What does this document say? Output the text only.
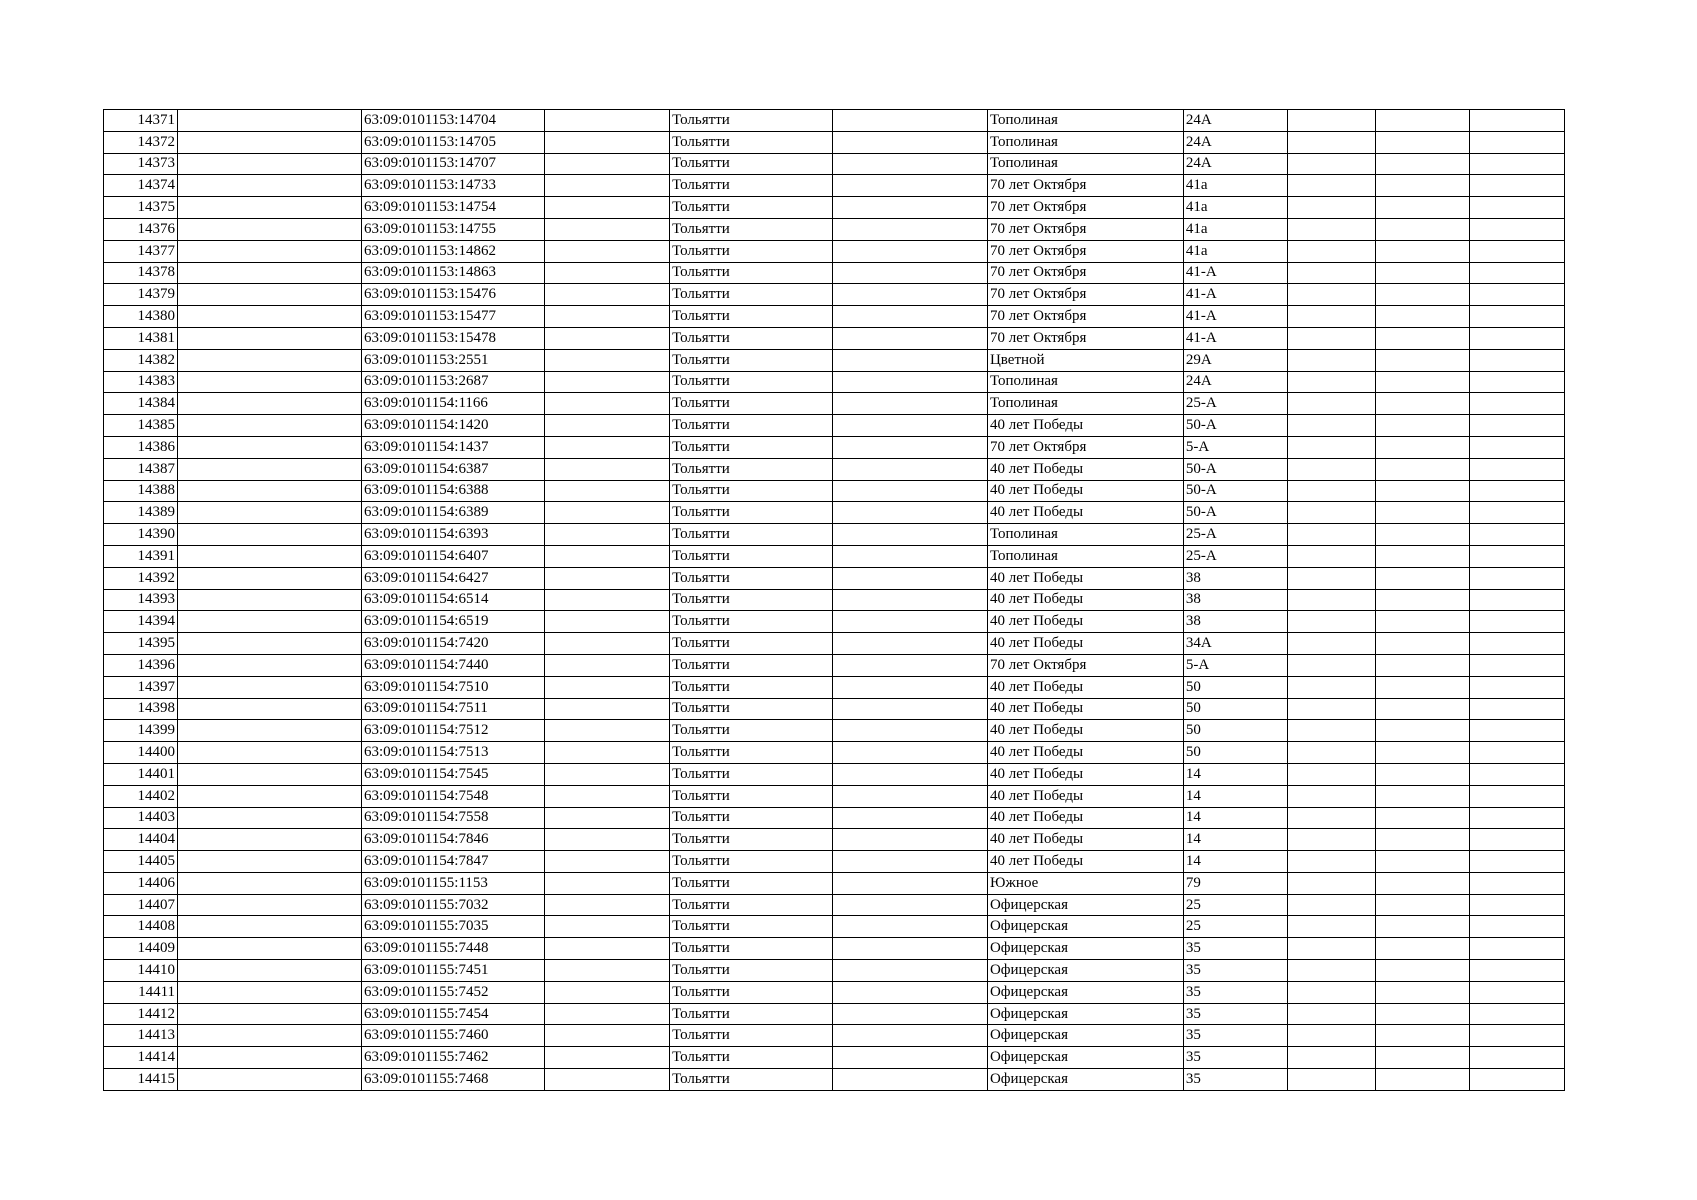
14371		63:09:0101153:14704		Тольятти		Тополиная	24А			
14372		63:09:0101153:14705		Тольятти		Тополиная	24А			
14373		63:09:0101153:14707		Тольятти		Тополиная	24А			
14374		63:09:0101153:14733		Тольятти		70 лет Октября	41а			
14375		63:09:0101153:14754		Тольятти		70 лет Октября	41а			
14376		63:09:0101153:14755		Тольятти		70 лет Октября	41а			
14377		63:09:0101153:14862		Тольятти		70 лет Октября	41а			
14378		63:09:0101153:14863		Тольятти		70 лет Октября	41-А			
14379		63:09:0101153:15476		Тольятти		70 лет Октября	41-А			
14380		63:09:0101153:15477		Тольятти		70 лет Октября	41-А			
14381		63:09:0101153:15478		Тольятти		70 лет Октября	41-А			
14382		63:09:0101153:2551		Тольятти		Цветной	29А			
14383		63:09:0101153:2687		Тольятти		Тополиная	24А			
14384		63:09:0101154:1166		Тольятти		Тополиная	25-А			
14385		63:09:0101154:1420		Тольятти		40 лет Победы	50-А			
14386		63:09:0101154:1437		Тольятти		70 лет Октября	5-А			
14387		63:09:0101154:6387		Тольятти		40 лет Победы	50-А			
14388		63:09:0101154:6388		Тольятти		40 лет Победы	50-А			
14389		63:09:0101154:6389		Тольятти		40 лет Победы	50-А			
14390		63:09:0101154:6393		Тольятти		Тополиная	25-А			
14391		63:09:0101154:6407		Тольятти		Тополиная	25-А			
14392		63:09:0101154:6427		Тольятти		40 лет Победы	38			
14393		63:09:0101154:6514		Тольятти		40 лет Победы	38			
14394		63:09:0101154:6519		Тольятти		40 лет Победы	38			
14395		63:09:0101154:7420		Тольятти		40 лет Победы	34А			
14396		63:09:0101154:7440		Тольятти		70 лет Октября	5-А			
14397		63:09:0101154:7510		Тольятти		40 лет Победы	50			
14398		63:09:0101154:7511		Тольятти		40 лет Победы	50			
14399		63:09:0101154:7512		Тольятти		40 лет Победы	50			
14400		63:09:0101154:7513		Тольятти		40 лет Победы	50			
14401		63:09:0101154:7545		Тольятти		40 лет Победы	14			
14402		63:09:0101154:7548		Тольятти		40 лет Победы	14			
14403		63:09:0101154:7558		Тольятти		40 лет Победы	14			
14404		63:09:0101154:7846		Тольятти		40 лет Победы	14			
14405		63:09:0101154:7847		Тольятти		40 лет Победы	14			
14406		63:09:0101155:1153		Тольятти		Южное	79			
14407		63:09:0101155:7032		Тольятти		Офицерская	25			
14408		63:09:0101155:7035		Тольятти		Офицерская	25			
14409		63:09:0101155:7448		Тольятти		Офицерская	35			
14410		63:09:0101155:7451		Тольятти		Офицерская	35			
14411		63:09:0101155:7452		Тольятти		Офицерская	35			
14412		63:09:0101155:7454		Тольятти		Офицерская	35			
14413		63:09:0101155:7460		Тольятти		Офицерская	35			
14414		63:09:0101155:7462		Тольятти		Офицерская	35			
14415		63:09:0101155:7468		Тольятти		Офицерская	35			
